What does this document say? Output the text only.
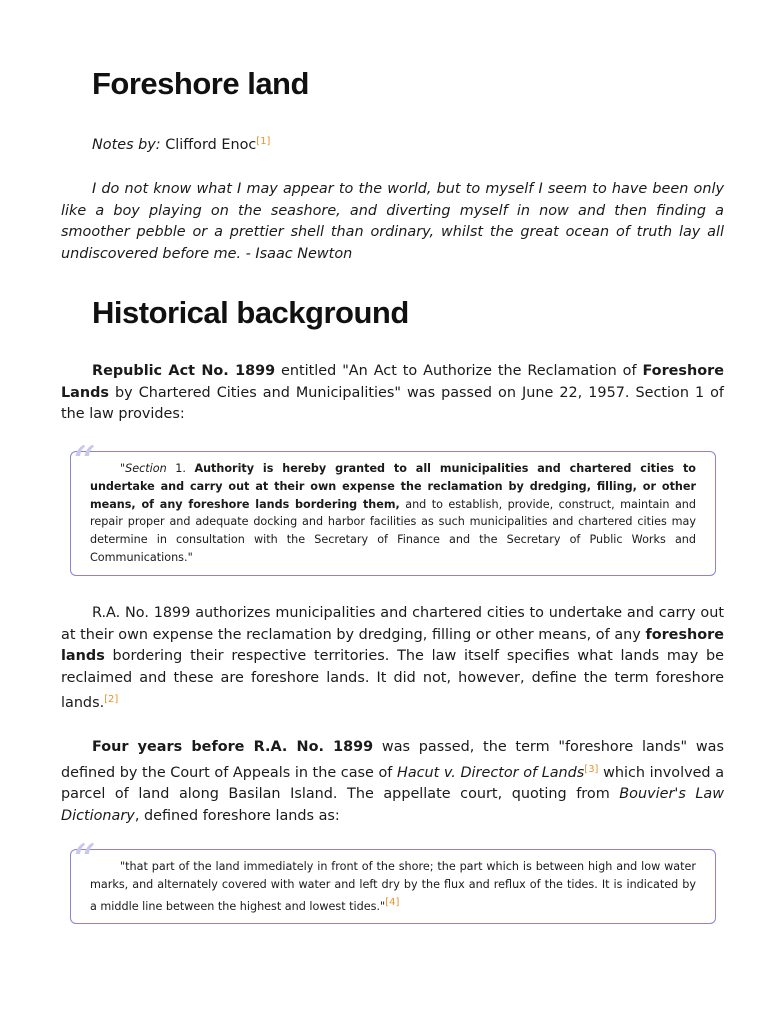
Foreshore land

Notes by: Clifford Enoc[1]

I do not know what I may appear to the world, but to myself I seem to have been only like a boy playing on the seashore, and diverting myself in now and then finding a smoother pebble or a prettier shell than ordinary, whilst the great ocean of truth lay all undiscovered before me. - Isaac Newton

Historical background

Republic Act No. 1899 entitled "An Act to Authorize the Reclamation of Foreshore Lands by Chartered Cities and Municipalities" was passed on June 22, 1957. Section 1 of the law provides:

“ "Section 1. Authority is hereby granted to all municipalities and chartered cities to undertake and carry out at their own expense the reclamation by dredging, filling, or other means, of any foreshore lands bordering them, and to establish, provide, construct, maintain and repair proper and adequate docking and harbor facilities as such municipalities and chartered cities may determine in consultation with the Secretary of Finance and the Secretary of Public Works and Communications."

R.A. No. 1899 authorizes municipalities and chartered cities to undertake and carry out at their own expense the reclamation by dredging, filling or other means, of any foreshore lands bordering their respective territories. The law itself specifies what lands may be reclaimed and these are foreshore lands. It did not, however, define the term foreshore lands.[2]

Four years before R.A. No. 1899 was passed, the term "foreshore lands" was defined by the Court of Appeals in the case of Hacut v. Director of Lands[3] which involved a parcel of land along Basilan Island. The appellate court, quoting from Bouvier's Law Dictionary, defined foreshore lands as:

“ "that part of the land immediately in front of the shore; the part which is between high and low water marks, and alternately covered with water and left dry by the flux and reflux of the tides. It is indicated by a middle line between the highest and lowest tides."[4]
